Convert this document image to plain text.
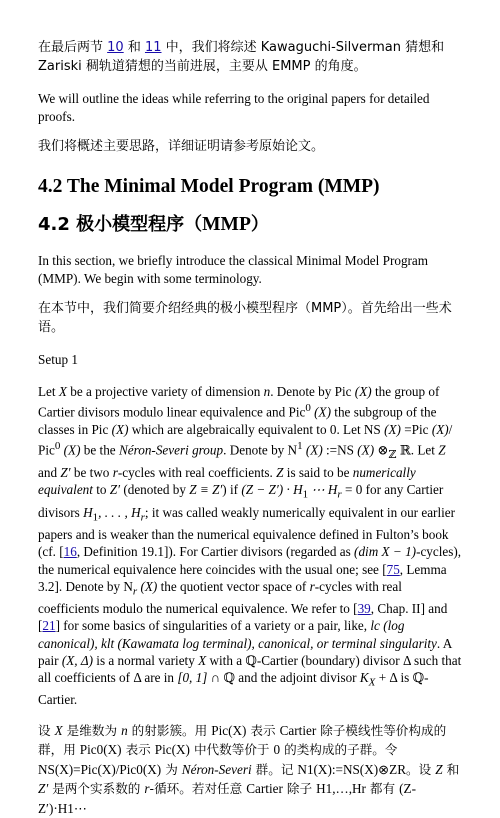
在最后两节 10 和 11 中，我们将综述 Kawaguchi-Silverman 猜想和 Zariski 稠轨道猜想的当前进展，主要从 EMMP 的角度。

We will outline the ideas while referring to the original papers for detailed proofs.

我们将概述主要思路，详细证明请参考原始论文。

4.2 The Minimal Model Program (MMP)
4.2 极小模型程序（MMP）

In this section, we briefly introduce the classical Minimal Model Program (MMP). We begin with some terminology.

在本节中，我们简要介绍经典的极小模型程序（MMP）。首先给出一些术语。

Setup 1

Let X be a projective variety of dimension n. Denote by Pic (X) the group of Cartier divisors modulo linear equivalence and Pic$^0$ (X) the subgroup of the classes in Pic (X) which are algebraically equivalent to 0. Let NS (X) =Pic (X)/ Pic$^0$ (X) be the Néron-Severi group. Denote by $N^1$ (X) :=NS (X) $\otimes_ℤ$ ℝ. Let Z and Z′ be two r-cycles with real coefficients. Z is said to be numerically equivalent to Z′ (denoted by Z ≡ Z′) if $(Z - Z') \cdot H_1$ ⋯ $H_r = 0$ for any Cartier divisors $H_1$, . . . , $H_r$; it was called weakly numerically equivalent in our earlier papers and is weaker than the numerical equivalence defined in Fulton’s book (cf. [16, Definition 19.1]). For Cartier divisors (regarded as (dim X − 1)-cycles), the numerical equivalence here coincides with the usual one; see [75, Lemma 3.2]. Denote by $N_r$ (X) the quotient vector space of r-cycles with real coefficients modulo the numerical equivalence. We refer to [39, Chap. II] and [21] for some basics of singularities of a variety or a pair, like, lc (log canonical), klt (Kawamata log terminal), canonical, or terminal singularity. A pair (X, Δ) is a normal variety X with a ℚ-Cartier (boundary) divisor Δ such that all coefficients of Δ are in [0, 1] ∩ ℚ and the adjoint divisor $K_X + \Delta$ is ℚ-Cartier.

设 X 是维数为 n 的射影簇。用 Pic(X) 表示 Cartier 除子模线性等价构成的群，用 Pic0(X) 表示 Pic(X) 中代数等价于 0 的类构成的子群。令 NS(X)=Pic(X)/Pic0(X) 为 Néron-Severi 群。记 N1(X):=NS(X)⊗ZR。设 Z 和 Z′ 是两个实系数的 r-循环。若对任意 Cartier 除子 H1,…,Hr 都有 (Z-Z′)·H1⋯
